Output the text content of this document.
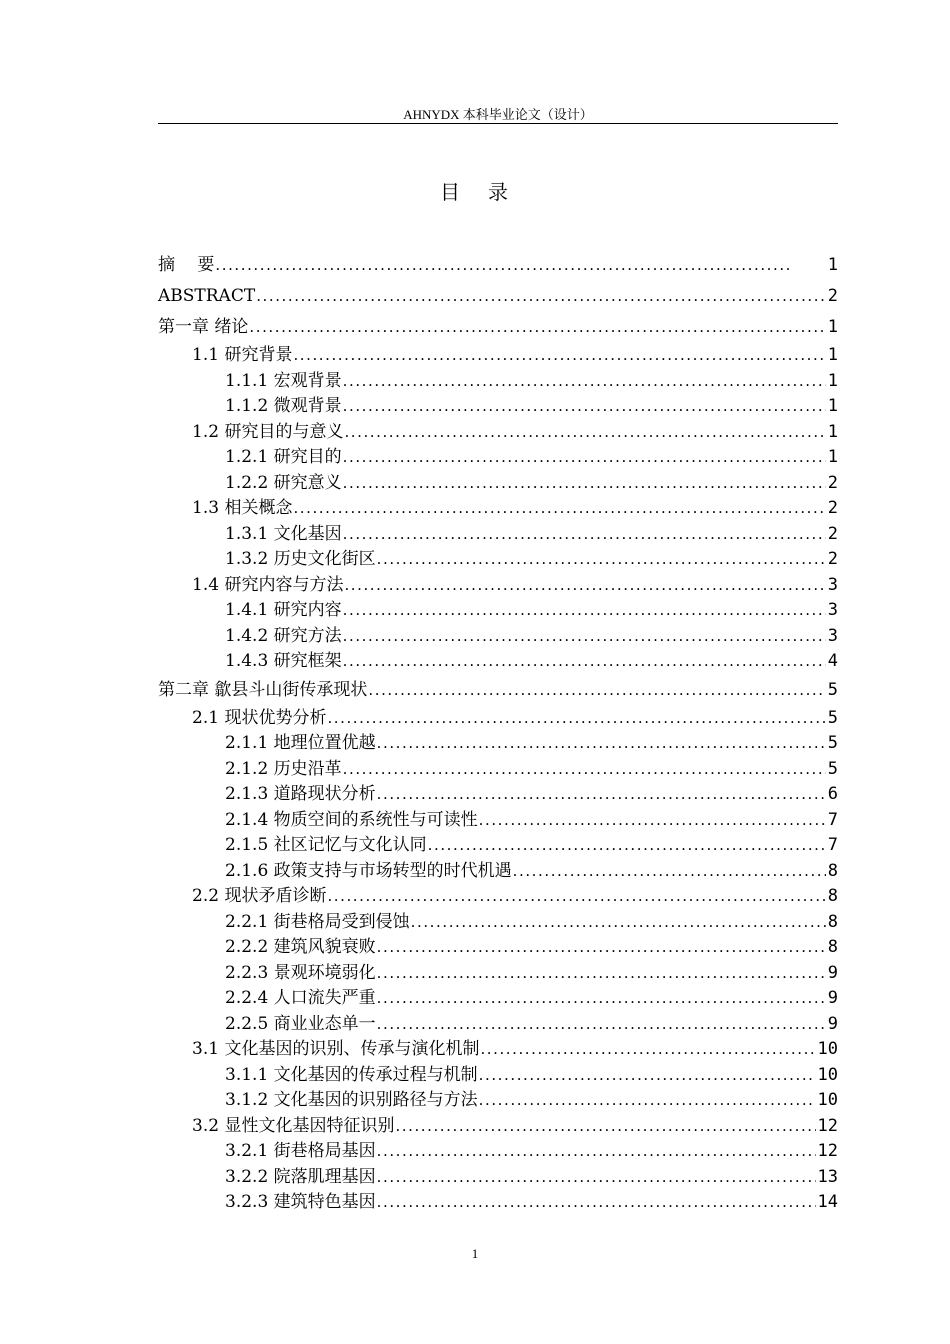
AHNYDX 本科毕业论文（设计）
目 录
摘　 要 . . .	1
ABSTRACT . . .	2
第一章 绪论 . . .	1
1.1 研究背景 . . .	1
1.1.1 宏观背景 . . .	1
1.1.2 微观背景 . . .	1
1.2 研究目的与意义 . . .	1
1.2.1 研究目的 . . .	1
1.2.2 研究意义 . . .	2
1.3 相关概念 . . .	2
1.3.1 文化基因 . . .	2
1.3.2 历史文化街区 . . .	2
1.4 研究内容与方法 . . .	3
1.4.1 研究内容 . . .	3
1.4.2 研究方法 . . .	3
1.4.3 研究框架 . . .	4
第二章 歙县斗山街传承现状 . . .	5
2.1 现状优势分析 . . .	5
2.1.1 地理位置优越 . . .	5
2.1.2 历史沿革 . . .	5
2.1.3 道路现状分析 . . .	6
2.1.4 物质空间的系统性与可读性 . . .	7
2.1.5 社区记忆与文化认同 . . .	7
2.1.6 政策支持与市场转型的时代机遇 . . .	8
2.2 现状矛盾诊断 . . .	8
2.2.1 街巷格局受到侵蚀 . . .	8
2.2.2 建筑风貌衰败 . . .	8
2.2.3 景观环境弱化 . . .	9
2.2.4 人口流失严重 . . .	9
2.2.5 商业业态单一 . . .	9
3.1 文化基因的识别、传承与演化机制 . . .	10
3.1.1 文化基因的传承过程与机制 . . .	10
3.1.2 文化基因的识别路径与方法 . . .	10
3.2 显性文化基因特征识别 . . .	12
3.2.1 街巷格局基因 . . .	12
3.2.2 院落肌理基因 . . .	13
3.2.3 建筑特色基因 . . .	14
1
